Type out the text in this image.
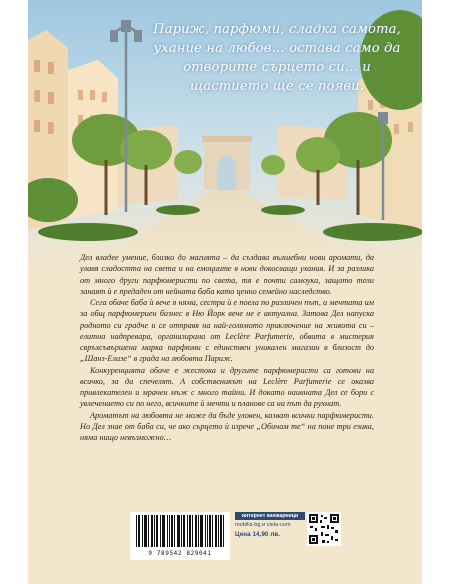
Париж, парфюми, сладка самота, ухание на любов… остава само да отворите сърцето си… и щастието ще се появи.

Дел владее умение, близко до магията – да създава вълшебни нови аромати, да улавя сладостта на света и на емоциите в нови докосващи ухания. И за разлика от много други парфюмеристи по света, тя е почти самоука, защото този занаят ѝ е предаден от нейната баба като ценно семейно наследство.

Сега обаче баба ѝ вече я няма, сестра ѝ е поела по различен път, а мечтата им за общ парфюмериен бизнес в Ню Йорк вече не е актуална. Затова Дел напуска родното си градче и се отправя на най-голямото приключение на живота си – елитна надпревара, организирана от Leclère Parfumerie, обвита в мистерия свръхсъвършена марка парфюми с единствен уникален магазин в близост до „Шанз-Елизе“ в града на любовта Париж.

Конкуренцията обаче е жестока и другите парфюмеристи са готови на всичко, за да спечелят. А собственикът на Leclère Parfumerie се оказва привлекателен и мрачен мъж с много тайни. И докато наивната Дел се бори с увлечението си по него, всичките ѝ мечти и планове са на път да рухнат.

Ароматът на любовта не може да бъде уловен, казват всички парфюмеристи. Но Дел знае от баба си, че ако сърцето ѝ изрече „Обичам те“ на поне три езика, няма нищо невъзможно…

9 789542 829041
интернет книжарници
mobilis-bg и ciela-com
Цена 14,90 лв.
